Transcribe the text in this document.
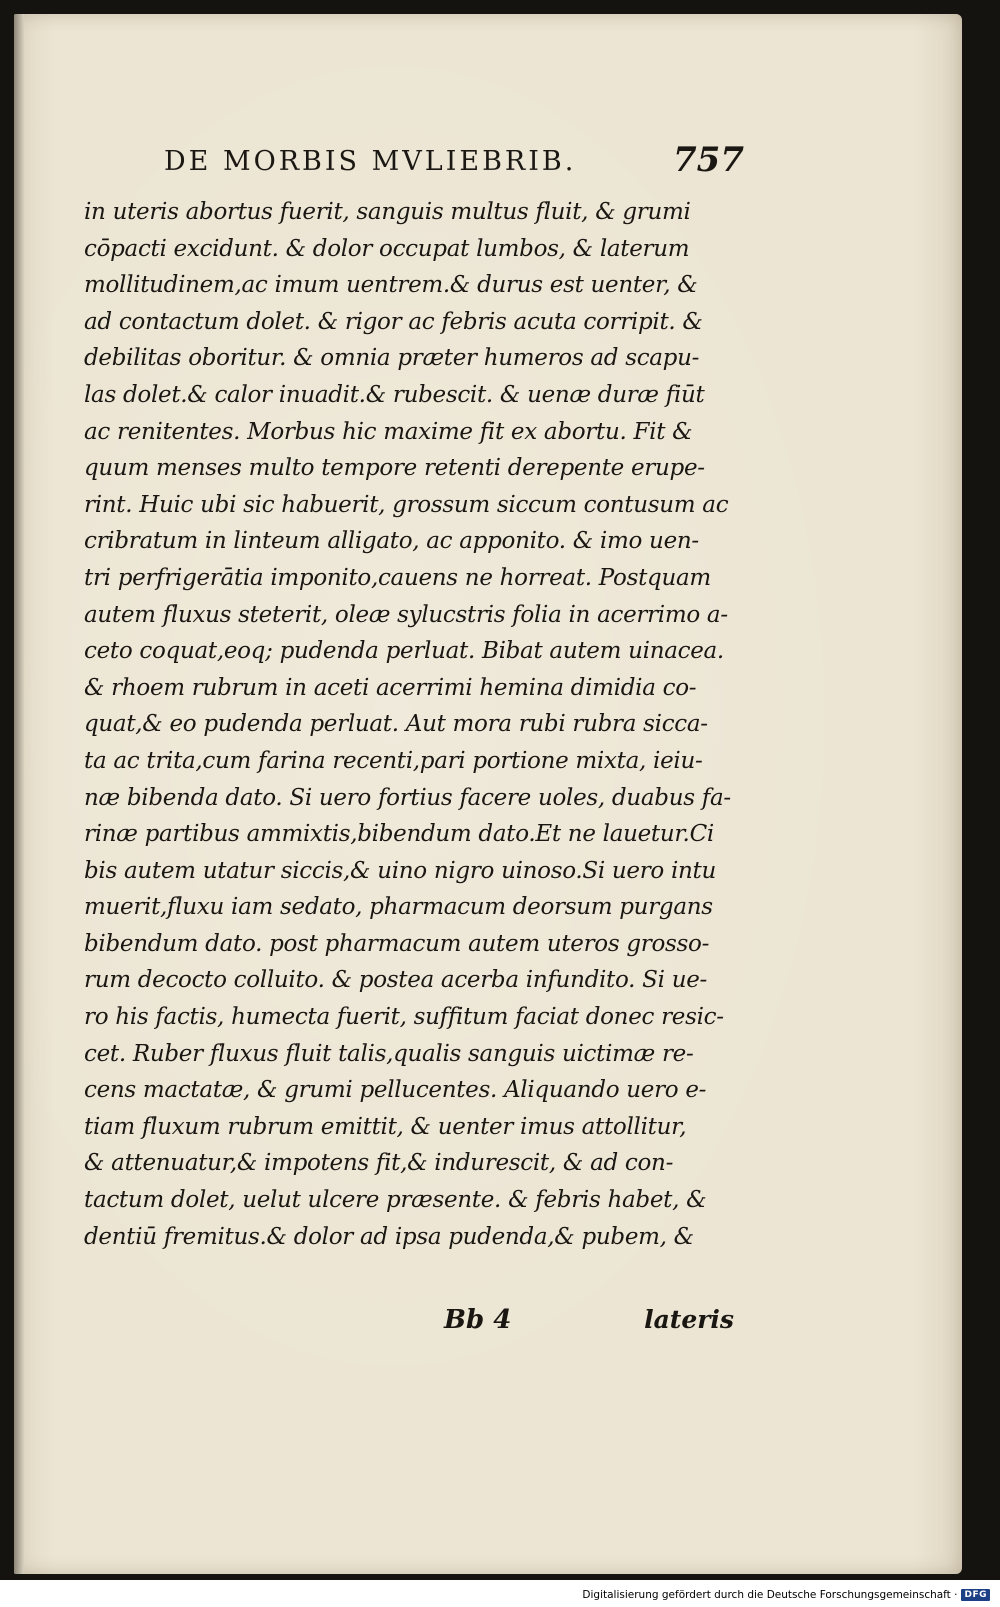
DE MORBIS MVLIEBRIB.	757
in uteris abortus fuerit, sanguis multus fluit, & grumi
cōpacti excidunt. & dolor occupat lumbos, & laterum
mollitudinem,ac imum uentrem.& durus est uenter, &
ad contactum dolet. & rigor ac febris acuta corripit. &
debilitas oboritur. & omnia præter humeros ad scapu-
las dolet.& calor inuadit.& rubescit. & uenæ duræ fiūt
ac renitentes. Morbus hic maxime fit ex abortu. Fit &
quum menses multo tempore retenti derepente erupe-
rint. Huic ubi sic habuerit, grossum siccum contusum ac
cribratum in linteum alligato, ac apponito. & imo uen-
tri perfrigerātia imponito,cauens ne horreat. Postquam
autem fluxus steterit, oleæ sylucstris folia in acerrimo a-
ceto coquat,eoq; pudenda perluat. Bibat autem uinacea.
& rhoem rubrum in aceti acerrimi hemina dimidia co-
quat,& eo pudenda perluat. Aut mora rubi rubra sicca-
ta ac trita,cum farina recenti,pari portione mixta, ieiu-
næ bibenda dato. Si uero fortius facere uoles, duabus fa-
rinæ partibus ammixtis,bibendum dato.Et ne lauetur.Ci
bis autem utatur siccis,& uino nigro uinoso.Si uero intu
muerit,fluxu iam sedato, pharmacum deorsum purgans
bibendum dato. post pharmacum autem uteros grosso-
rum decocto colluito. & postea acerba infundito. Si ue-
ro his factis, humecta fuerit, suffitum faciat donec resic-
cet. Ruber fluxus fluit talis,qualis sanguis uictimæ re-
cens mactatæ, & grumi pellucentes. Aliquando uero e-
tiam fluxum rubrum emittit, & uenter imus attollitur,
& attenuatur,& impotens fit,& indurescit, & ad con-
tactum dolet, uelut ulcere præsente. & febris habet, &
dentiū fremitus.& dolor ad ipsa pudenda,& pubem, &
Bb 4	lateris
Digitalisierung gefördert durch die Deutsche Forschungsgemeinschaft · DFG
